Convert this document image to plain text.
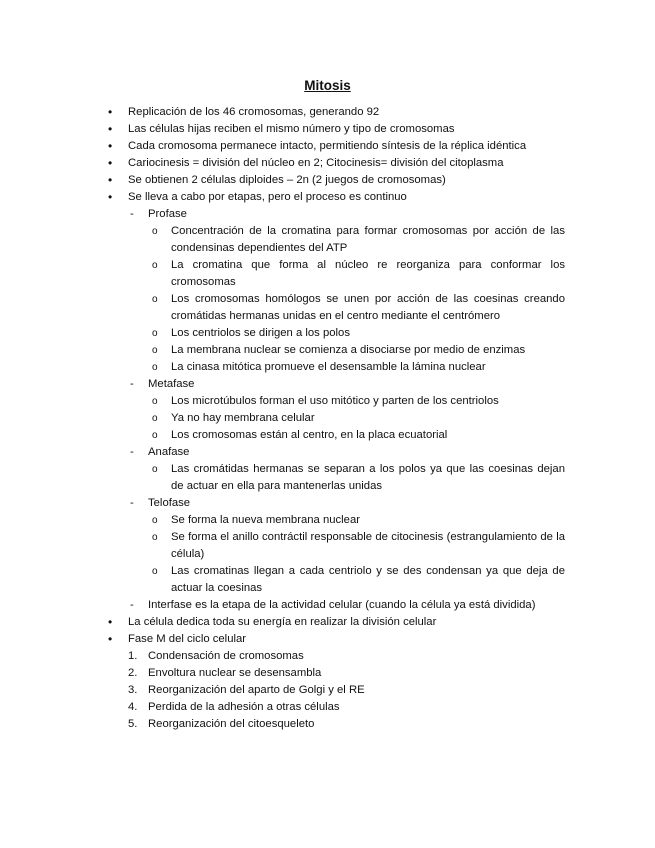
Mitosis
• Replicación de los 46 cromosomas, generando 92
• Las células hijas reciben el mismo número y tipo de cromosomas
• Cada cromosoma permanece intacto, permitiendo síntesis de la réplica idéntica
• Cariocinesis = división del núcleo en 2; Citocinesis= división del citoplasma
• Se obtienen 2 células diploides – 2n (2 juegos de cromosomas)
• Se lleva a cabo por etapas, pero el proceso es continuo
- Profase
o Concentración de la cromatina para formar cromosomas por acción de las condensinas dependientes del ATP
o La cromatina que forma al núcleo re reorganiza para conformar los cromosomas
o Los cromosomas homólogos se unen por acción de las coesinas creando cromátidas hermanas unidas en el centro mediante el centrómero
o Los centriolos se dirigen a los polos
o La membrana nuclear se comienza a disociarse por medio de enzimas
o La cinasa mitótica promueve el desensamble la lámina nuclear
- Metafase
o Los microtúbulos forman el uso mitótico y parten de los centriolos
o Ya no hay membrana celular
o Los cromosomas están al centro, en la placa ecuatorial
- Anafase
o Las cromátidas hermanas se separan a los polos ya que las coesinas dejan de actuar en ella para mantenerlas unidas
- Telofase
o Se forma la nueva membrana nuclear
o Se forma el anillo contráctil responsable de citocinesis (estrangulamiento de la célula)
o Las cromatinas llegan a cada centriolo y se des condensan ya que deja de actuar la coesinas
- Interfase es la etapa de la actividad celular (cuando la célula ya está dividida)
• La célula dedica toda su energía en realizar la división celular
• Fase M del ciclo celular
1. Condensación de cromosomas
2. Envoltura nuclear se desensambla
3. Reorganización del aparto de Golgi y el RE
4. Perdida de la adhesión a otras células
5. Reorganización del citoesqueleto
